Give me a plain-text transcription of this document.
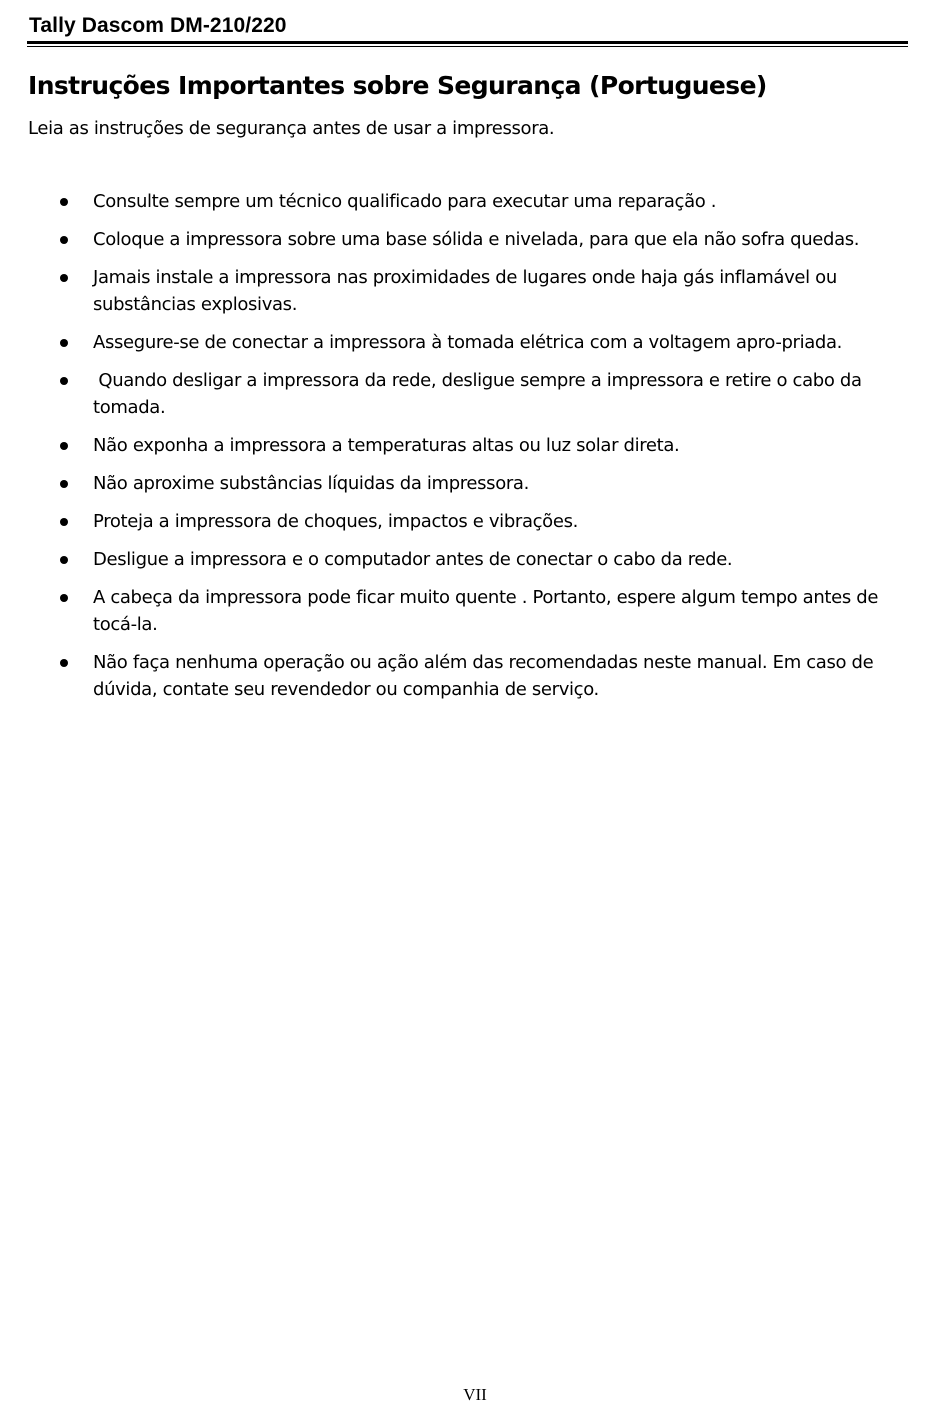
Tally Dascom DM-210/220
Instruções Importantes sobre Segurança (Portuguese)

Leia as instruções de segurança antes de usar a impressora.

Consulte sempre um técnico qualificado para executar uma reparação .
Coloque a impressora sobre uma base sólida e nivelada, para que ela não sofra quedas.
Jamais instale a impressora nas proximidades de lugares onde haja gás inflamável ou substâncias explosivas.
Assegure-se de conectar a impressora à tomada elétrica com a voltagem apro-priada.
Quando desligar a impressora da rede, desligue sempre a impressora e retire o cabo da tomada.
Não exponha a impressora a temperaturas altas ou luz solar direta.
Não aproxime substâncias líquidas da impressora.
Proteja a impressora de choques, impactos e vibrações.
Desligue a impressora e o computador antes de conectar o cabo da rede.
A cabeça da impressora pode ficar muito quente . Portanto, espere algum tempo antes de tocá-la.
Não faça nenhuma operação ou ação além das recomendadas neste manual. Em caso de dúvida, contate seu revendedor ou companhia de serviço.
VII
